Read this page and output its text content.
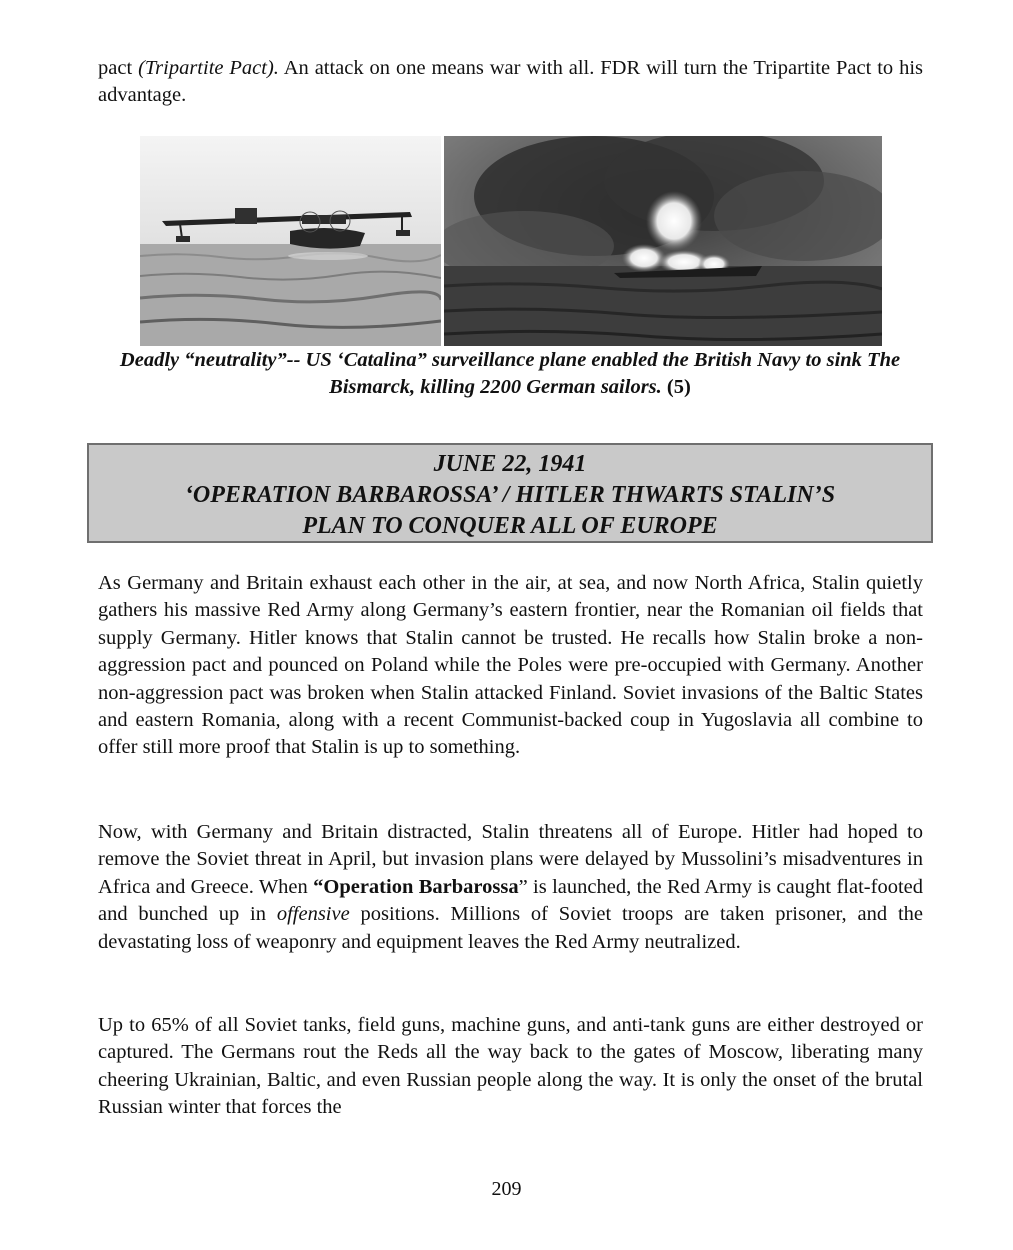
pact (Tripartite Pact). An attack on one means war with all. FDR will turn the Tripartite Pact to his advantage.

Deadly “neutrality”-- US ‘Catalina” surveillance plane enabled the British Navy to sink The Bismarck, killing 2200 German sailors. (5)
JUNE 22, 1941
‘OPERATION BARBAROSSA’ / HITLER THWARTS STALIN’S
PLAN TO CONQUER ALL OF EUROPE

As Germany and Britain exhaust each other in the air, at sea, and now North Africa, Stalin quietly gathers his massive Red Army along Germany’s eastern frontier, near the Romanian oil fields that supply Germany. Hitler knows that Stalin cannot be trusted. He recalls how Stalin broke a non-aggression pact and pounced on Poland while the Poles were pre-occupied with Germany. Another non-aggression pact was broken when Stalin attacked Finland. Soviet invasions of the Baltic States and eastern Romania, along with a recent Communist-backed coup in Yugoslavia all combine to offer still more proof that Stalin is up to something.

Now, with Germany and Britain distracted, Stalin threatens all of Europe. Hitler had hoped to remove the Soviet threat in April, but invasion plans were delayed by Mussolini’s misadventures in Africa and Greece. When “Operation Barbarossa” is launched, the Red Army is caught flat-footed and bunched up in offensive positions. Millions of Soviet troops are taken prisoner, and the devastating loss of weaponry and equipment leaves the Red Army neutralized.

Up to 65% of all Soviet tanks, field guns, machine guns, and anti-tank guns are either destroyed or captured. The Germans rout the Reds all the way back to the gates of Moscow, liberating many cheering Ukrainian, Baltic, and even Russian people along the way. It is only the onset of the brutal Russian winter that forces the

209
